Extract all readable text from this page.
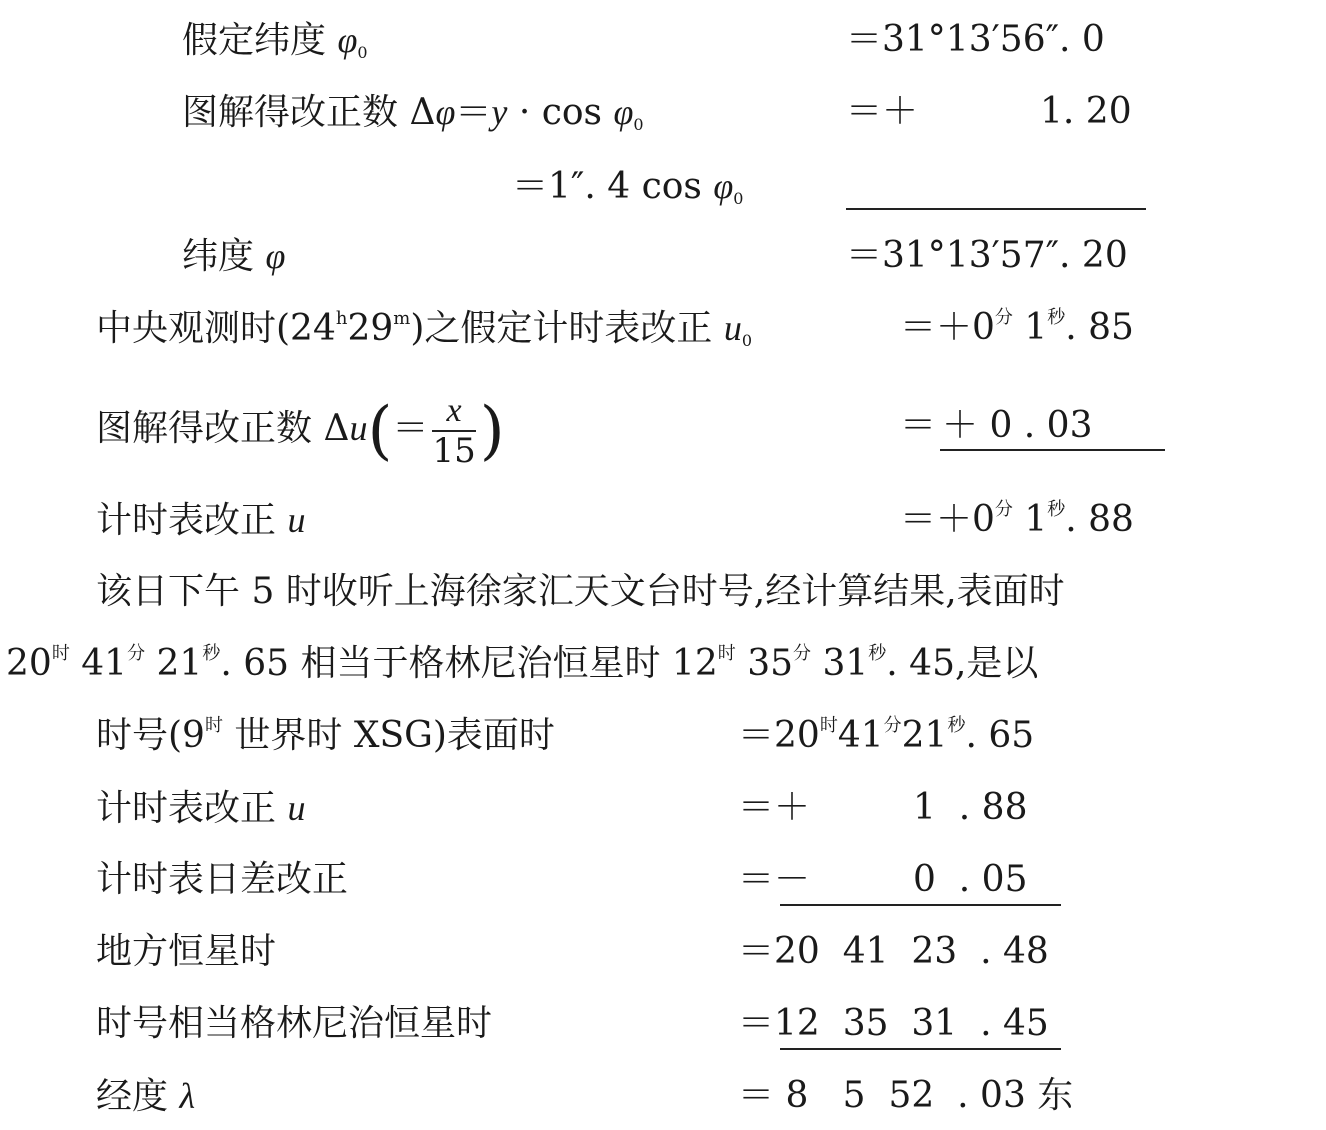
假定纬度 $\varphi_0$	＝31°13′56″. 0
图解得改正数 $\Delta\varphi=y \cdot \cos \varphi_0$	＝＋	1. 20
＝1″. 4 $\cos \varphi_0$
纬度 φ	＝31°13′57″. 20
中央观测时(24$^h$29$^m$)之假定计时表改正 $u_0$	$=+0^分$ $1^秒$. 85
图解得改正数 $\Delta u(= \frac{x}{15}$ )	＝ ＋ 0 . 03
计时表改正 u	$=+0^分$ $1^秒$. 88
该日下午 5 时收听上海徐家汇天文台时号,经计算结果,表面时
$20^时$ $41^分$ $21^秒$. 65 相当于格林尼治恒星时 $12^时$ $35^分$ $31^秒$. 45,是以
时号($9^时$ 世界时 XSG)表面时	$=20^时41^分21^秒$. 65
计时表改正 u	＝＋         1  . 88
计时表日差改正	＝－         0  . 05
地方恒星时	＝20  41  23  . 48
时号相当格林尼治恒星时	＝12  35  31  . 45
经度 λ	＝ 8   5  52  . 03 东
